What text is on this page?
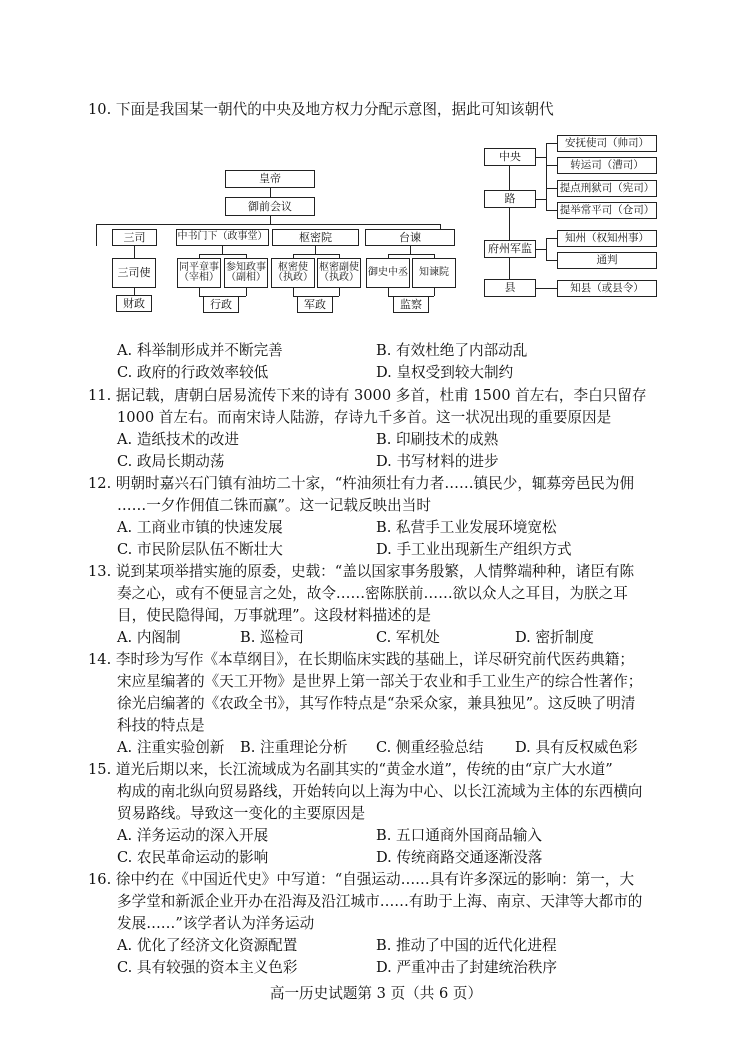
10. 下面是我国某一朝代的中央及地方权力分配示意图，据此可知该朝代
皇帝
御前会议
三司	中书门下（政事堂）	枢密院	台谏
三司使	同平章事（宰相）
参知政事（副相）
枢密使（执政）
枢密副使（执政） 御史中丞	知谏院
财政	行政	军政	监察
中央
路
府州军监
县
安抚使司（帅司）
转运司（漕司）
提点刑狱司（宪司）
提举常平司（仓司）
知州（权知州事）
通判
知县（或县令）
A. 科举制形成并不断完善	B. 有效杜绝了内部动乱
C. 政府的行政效率较低	D. 皇权受到较大制约
11. 据记载，唐朝白居易流传下来的诗有 3000 多首，杜甫 1500 首左右，李白只留存
1000 首左右。而南宋诗人陆游，存诗九千多首。这一状况出现的重要原因是
A. 造纸技术的改进	B. 印刷技术的成熟
C. 政局长期动荡	D. 书写材料的进步
12. 明朝时嘉兴石门镇有油坊二十家，“杵油须壮有力者……镇民少，辄募旁邑民为佣
……一夕作佣值二铢而赢”。这一记载反映出当时
A. 工商业市镇的快速发展	B. 私营手工业发展环境宽松
C. 市民阶层队伍不断壮大	D. 手工业出现新生产组织方式
13. 说到某项举措实施的原委，史载：“盖以国家事务殷繁，人情弊端种种，诸臣有陈
奏之心，或有不便显言之处，故令……密陈朕前……欲以众人之耳目，为朕之耳
目，使民隐得闻，万事就理”。这段材料描述的是
A. 内阁制	B. 巡检司	C. 军机处	D. 密折制度
14. 李时珍为写作《本草纲目》，在长期临床实践的基础上，详尽研究前代医药典籍；
宋应星编著的《天工开物》是世界上第一部关于农业和手工业生产的综合性著作；
徐光启编著的《农政全书》，其写作特点是“杂采众家，兼具独见”。这反映了明清
科技的特点是
A. 注重实验创新 B. 注重理论分析 C. 侧重经验总结 D. 具有反权威色彩
15. 道光后期以来，长江流域成为名副其实的“黄金水道”，传统的由“京广大水道”
构成的南北纵向贸易路线，开始转向以上海为中心、以长江流域为主体的东西横向
贸易路线。导致这一变化的主要原因是
A. 洋务运动的深入开展	B. 五口通商外国商品输入
C. 农民革命运动的影响	D. 传统商路交通逐渐没落
16. 徐中约在《中国近代史》中写道：“自强运动……具有许多深远的影响：第一，大
多学堂和新派企业开办在沿海及沿江城市……有助于上海、南京、天津等大都市的
发展……”该学者认为洋务运动
A. 优化了经济文化资源配置	B. 推动了中国的近代化进程
C. 具有较强的资本主义色彩	D. 严重冲击了封建统治秩序
高一历史试题第 3 页（共 6 页）
